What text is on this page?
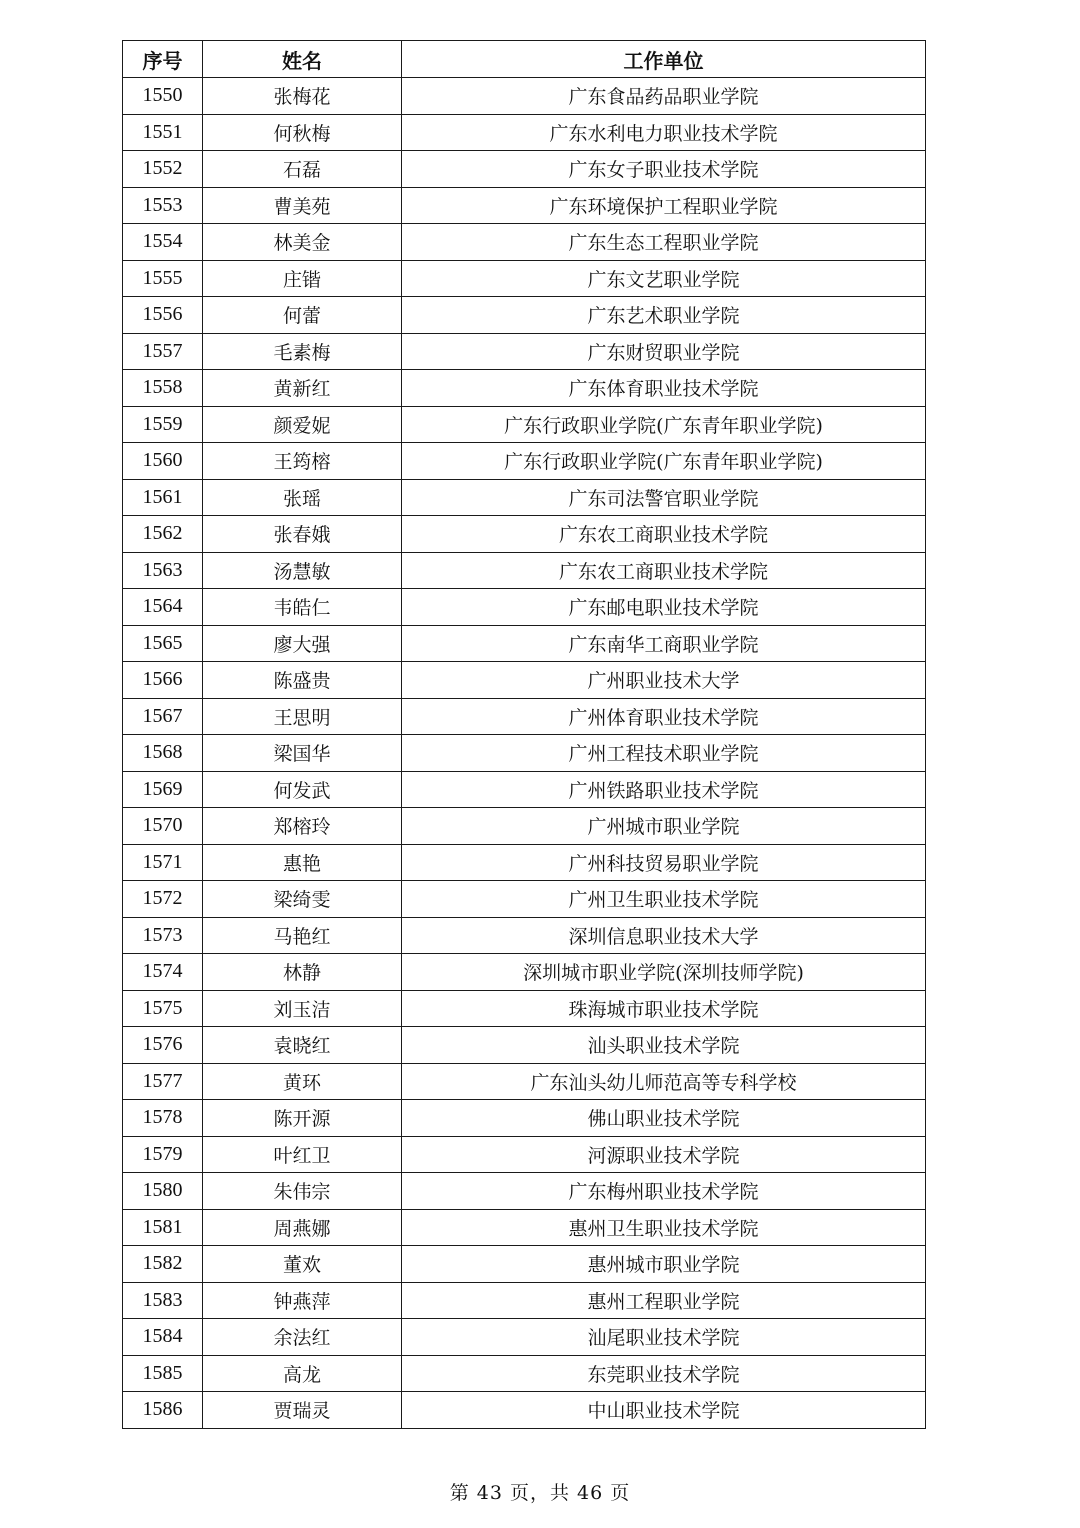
序号	姓名	工作单位
1550	张梅花	广东食品药品职业学院
1551	何秋梅	广东水利电力职业技术学院
1552	石磊	广东女子职业技术学院
1553	曹美苑	广东环境保护工程职业学院
1554	林美金	广东生态工程职业学院
1555	庄锴	广东文艺职业学院
1556	何蕾	广东艺术职业学院
1557	毛素梅	广东财贸职业学院
1558	黄新红	广东体育职业技术学院
1559	颜爱妮	广东行政职业学院(广东青年职业学院)
1560	王筠榕	广东行政职业学院(广东青年职业学院)
1561	张瑶	广东司法警官职业学院
1562	张春娥	广东农工商职业技术学院
1563	汤慧敏	广东农工商职业技术学院
1564	韦皓仁	广东邮电职业技术学院
1565	廖大强	广东南华工商职业学院
1566	陈盛贵	广州职业技术大学
1567	王思明	广州体育职业技术学院
1568	梁国华	广州工程技术职业学院
1569	何发武	广州铁路职业技术学院
1570	郑榕玲	广州城市职业学院
1571	惠艳	广州科技贸易职业学院
1572	梁绮雯	广州卫生职业技术学院
1573	马艳红	深圳信息职业技术大学
1574	林静	深圳城市职业学院(深圳技师学院)
1575	刘玉洁	珠海城市职业技术学院
1576	袁晓红	汕头职业技术学院
1577	黄环	广东汕头幼儿师范高等专科学校
1578	陈开源	佛山职业技术学院
1579	叶红卫	河源职业技术学院
1580	朱伟宗	广东梅州职业技术学院
1581	周燕娜	惠州卫生职业技术学院
1582	董欢	惠州城市职业学院
1583	钟燕萍	惠州工程职业学院
1584	余法红	汕尾职业技术学院
1585	高龙	东莞职业技术学院
1586	贾瑞灵	中山职业技术学院
第 43 页，共 46 页
